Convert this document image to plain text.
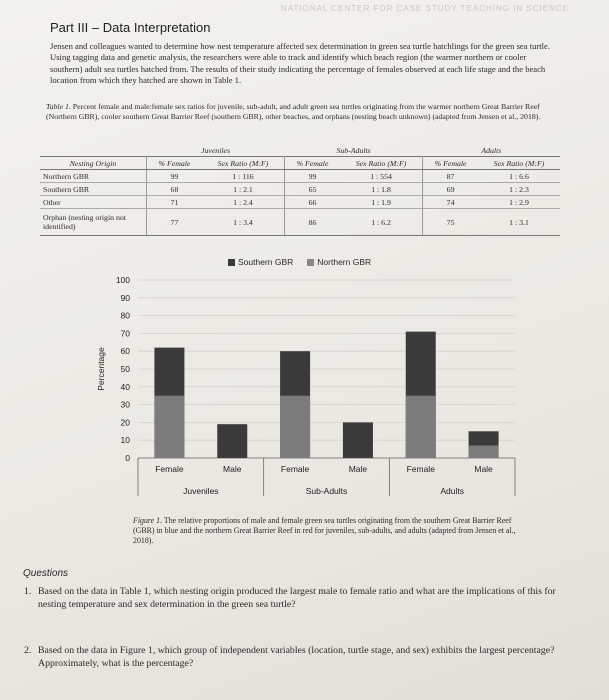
NATIONAL CENTER FOR CASE STUDY TEACHING IN SCIENCE
Part III – Data Interpretation

Jensen and colleagues wanted to determine how nest temperature affected sex determination in green sea turtle hatchlings for the green sea turtle. Using tagging data and genetic analysis, the researchers were able to track and identify which beach region (the warmer northern or cooler southern) adult sea turtles hatched from. The results of their study indicating the percentage of females observed at each life stage and the beach location from which they hatched are shown in Table 1.

Table 1. Percent female and male:female sex ratios for juvenile, sub-adult, and adult green sea turtles originating from the warmer northern Great Barrier Reef (Northern GBR), cooler southern Great Barrier Reef (southern GBR), other beaches, and orphans (nesting beach unknown) (adapted from Jensen et al., 2018).

	Juveniles		Sub-Adults		Adults	
Nesting Origin	% Female	Sex Ratio (M:F)	% Female	Sex Ratio (M:F)	% Female	Sex Ratio (M:F)
Northern GBR	99	1 : 116	99	1 : 554	87	1 : 6.6
Southern GBR	68	1 : 2.1	65	1 : 1.8	69	1 : 2.3
Other	71	1 : 2.4	66	1 : 1.9	74	1 : 2.9
Orphan (nesting origin not identified)	77	1 : 3.4	86	1 : 6.2	75	1 : 3.1
Southern GBR	Northern GBR
0
10
20
30
40
50
60
70
80
90
100
Percentage
Female	Male	Female	Male	Female	Male
Juveniles	Sub-Adults	Adults

Figure 1. The relative proportions of male and female green sea turtles originating from the southern Great Barrier Reef (GBR) in blue and the northern Great Barrier Reef in red for juveniles, sub-adults, and adults (adapted from Jensen et al., 2018).

Questions

1. Based on the data in Table 1, which nesting origin produced the largest male to female ratio and what are the implications of this for nesting temperature and sex determination in the green sea turtle?

2. Based on the data in Figure 1, which group of independent variables (location, turtle stage, and sex) exhibits the largest percentage? Approximately, what is the percentage?
